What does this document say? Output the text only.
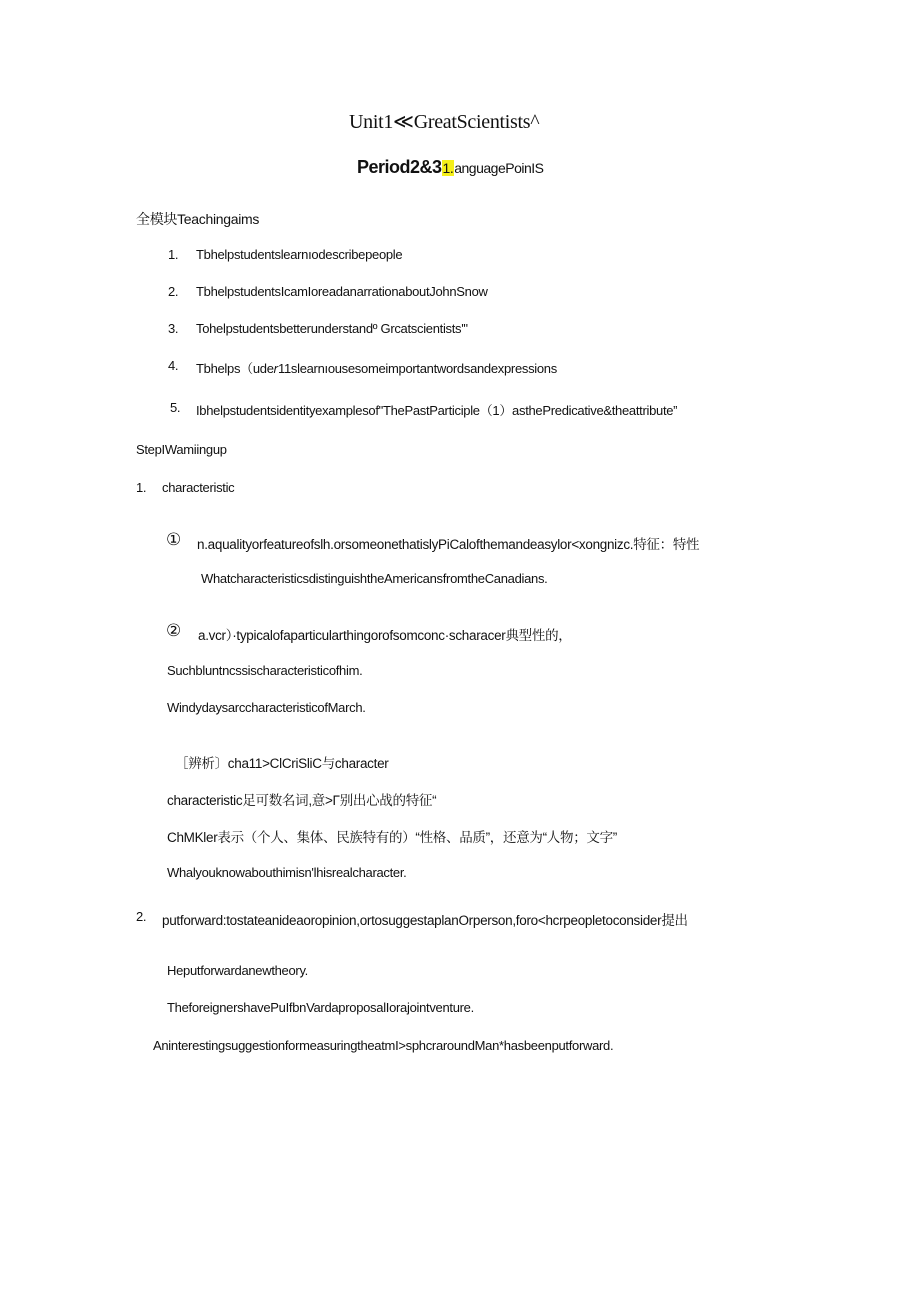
Unit1≪GreatScientists^
Period2&31.anguagePoinIS
全模块Teachingaims
1. Tbhelpstudentslearnıodescribepeople
2. TbhelpstudentsIcamIoreadanarrationaboutJohnSnow
3. Tohelpstudentsbetterunderstandº Grcatscientists'"
4. Tbhelps（ude𝑟11slearnıousesomeimportantwordsandexpressions
5. Ibhelpstudentsidentityexamplesof"ThePastParticiple（1）asthePredicative&theattribute”
StepIWamiingup
1. characteristic
① n.aqualityorfeatureofslh.orsomeonethatislyPiCalofthemandeasylor<xongnizc.特征：特性
WhatcharacteristicsdistinguishtheAmericansfromtheCanadians.
② a.vcr）·typicalofaparticularthingorofsomconc·scharacer典型性的，
Suchbluntncssischaracteristicofhim.
WindydaysarccharacteristicofMarch.
［辨析〕cha11>ClCriSliC与character
characteristic足可数名词,意>Γ别出心战的特征“
ChMKler表示（个人、集体、民族特有的）“性格、品质”，还意为“人物；文字”
Whalyouknowabouthimisn'lhisrealcharacter.
2. putforward:tostateanideaoropinion,ortosuggestaplanOrperson,foro<hcrpeopletoconsider提出
Heputforwardanewtheory.
TheforeignershavePuIfbnVardaproposalIorajointventure.
AninterestingsuggestionformeasuringtheatmI>sphcraroundMan*hasbeenputforward.
